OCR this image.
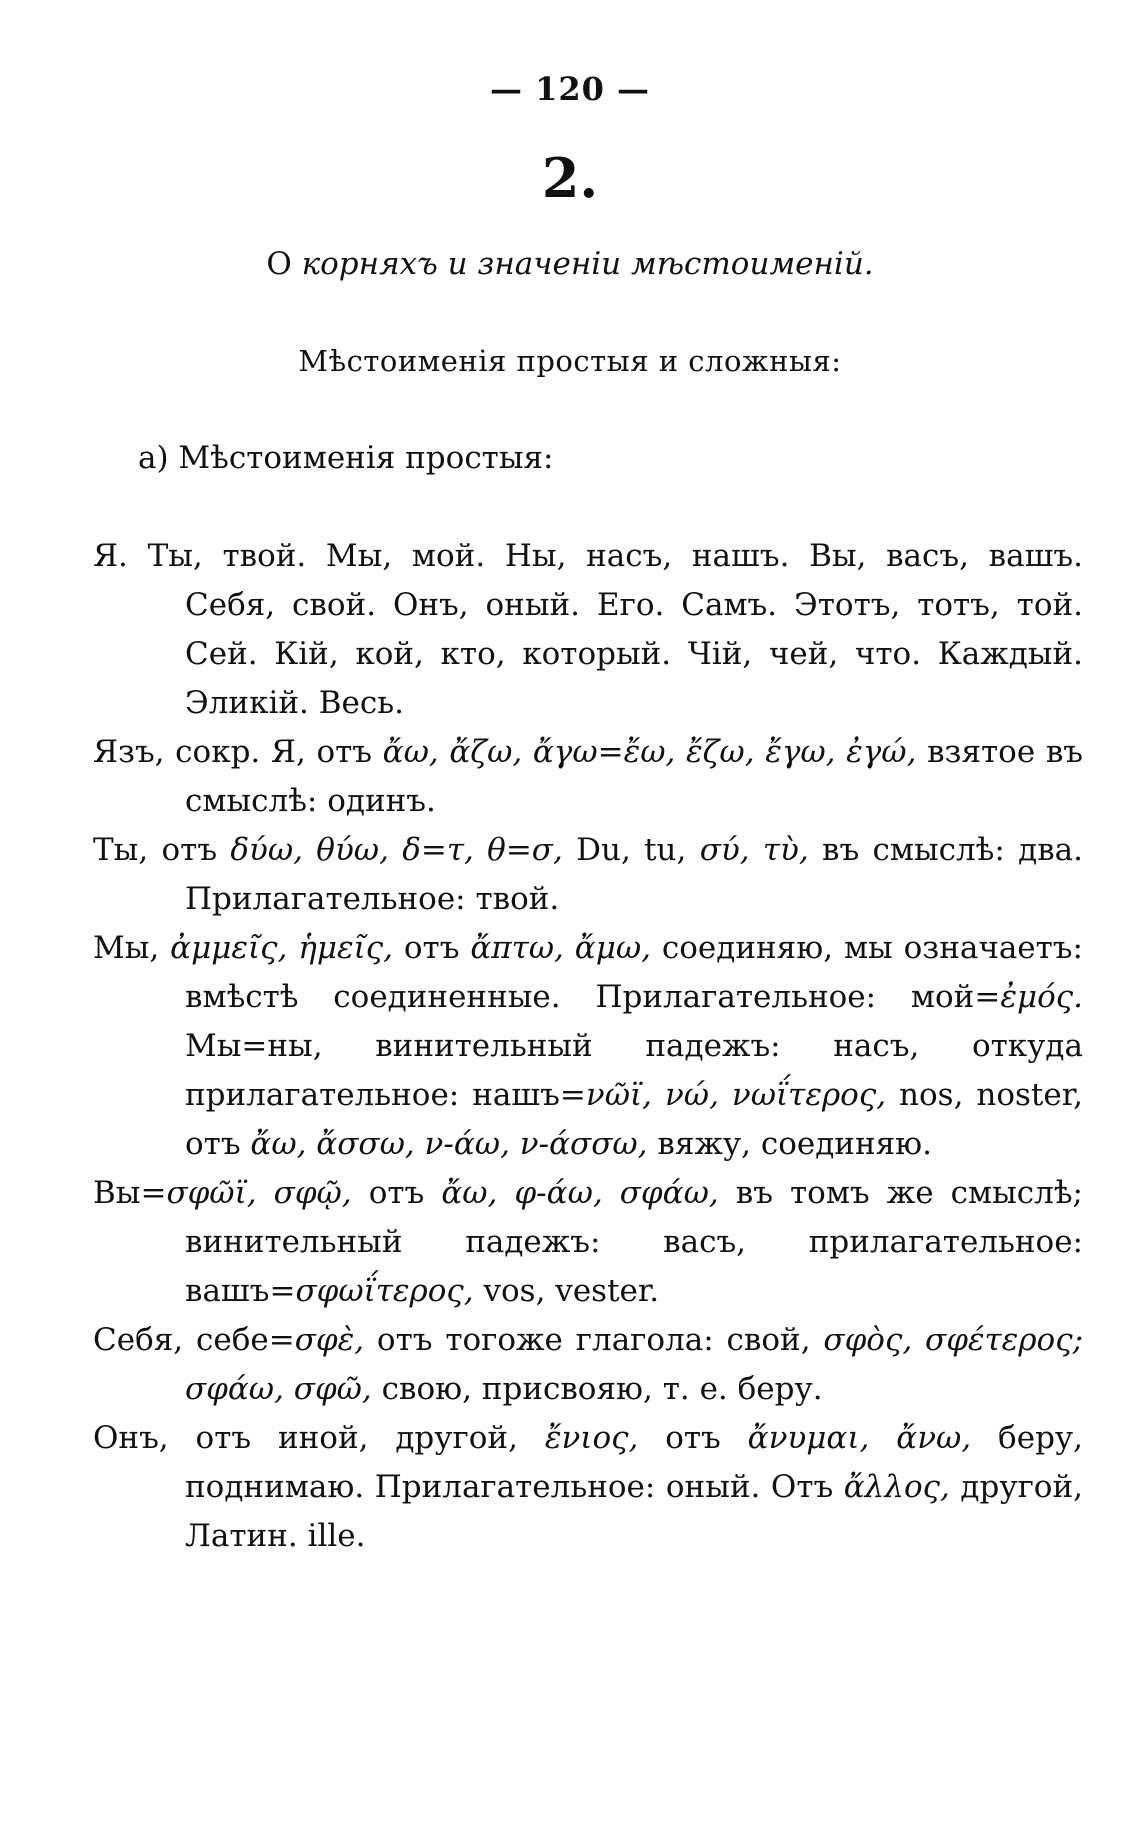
— 120 —
2.
О корняхъ и значеніи мѣстоименій.
Мѣстоименія простыя и сложныя:
a) Мѣстоименія простыя:

Я. Ты, твой. Мы, мой. Ны, насъ, нашъ. Вы, васъ, вашъ. Себя, свой. Онъ, оный. Его. Самъ. Этотъ, тотъ, той. Сей. Кій, кой, кто, который. Чій, чей, что. Каждый. Эликій. Весь.

Язъ, сокр. Я, отъ ἄω, ἄζω, ἄγω=ἔω, ἔζω, ἔγω, ἐγώ, взятое въ смыслѣ: одинъ.

Ты, отъ δύω, θύω, δ=τ, θ=σ, Du, tu, σύ, τὺ, въ смыслѣ: два. Прилагательное: твой.

Мы, ἀμμεῖς, ἡμεῖς, отъ ἄπτω, ἄμω, соединяю, мы означаетъ: вмѣстѣ соединенные. Прилагательное: мой=ἐμός. Мы=ны, винительный падежъ: насъ, откуда прилагательное: нашъ=νῶϊ, νώ, νωΐτερος, nos, noster, отъ ἄω, ἄσσω, ν-άω, ν-άσσω, вяжу, соединяю.

Вы=σφῶϊ, σφῷ, отъ ἄω, φ-άω, σφάω, въ томъ же смыслѣ; винительный падежъ: васъ, прилагательное: вашъ=σφωΐτερος, vos, vester.

Себя, себе=σφὲ, отъ тогоже глагола: свой, σφὸς, σφέτερος; σφάω, σφῶ, свою, присвояю, т. е. беру.

Онъ, отъ иной, другой, ἔνιος, отъ ἄνυμαι, ἄνω, беру, поднимаю. Прилагательное: оный. Отъ ἄλλος, другой, Латин. ille.
